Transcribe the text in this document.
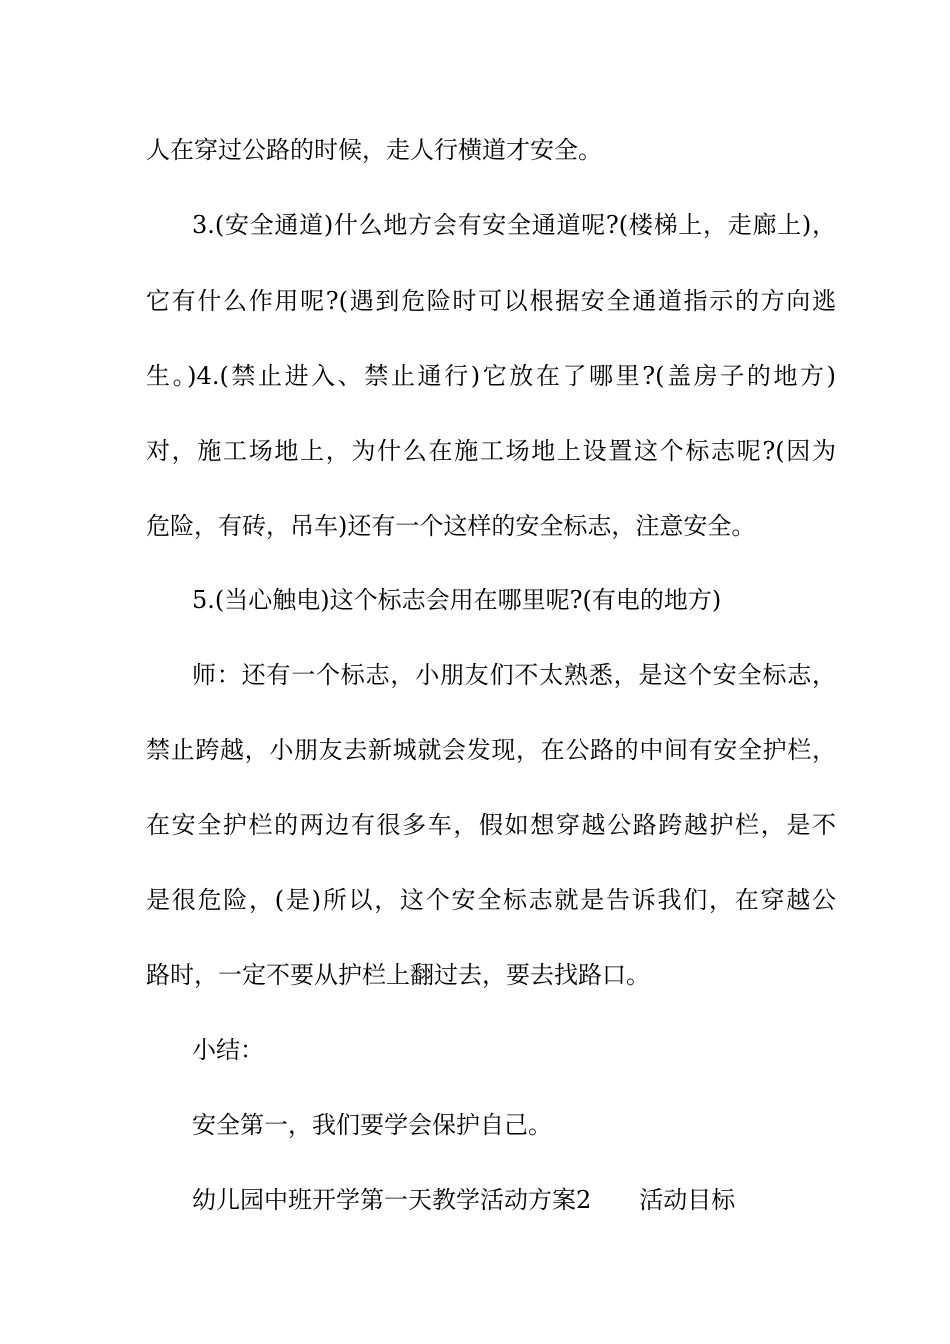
人在穿过公路的时候，走人行横道才安全。
3.(安全通道)什么地方会有安全通道呢?(楼梯上，走廊上)，
它有什么作用呢?(遇到危险时可以根据安全通道指示的方向逃
生。)4.(禁止进入、禁止通行)它放在了哪里?(盖房子的地方)
对，施工场地上，为什么在施工场地上设置这个标志呢?(因为
危险，有砖，吊车)还有一个这样的安全标志，注意安全。
5.(当心触电)这个标志会用在哪里呢?(有电的地方)
师：还有一个标志，小朋友们不太熟悉，是这个安全标志，
禁止跨越，小朋友去新城就会发现，在公路的中间有安全护栏，
在安全护栏的两边有很多车，假如想穿越公路跨越护栏，是不
是很危险，(是)所以，这个安全标志就是告诉我们，在穿越公
路时，一定不要从护栏上翻过去，要去找路口。
小结：
安全第一，我们要学会保护自己。
幼儿园中班开学第一天教学活动方案2　　活动目标
